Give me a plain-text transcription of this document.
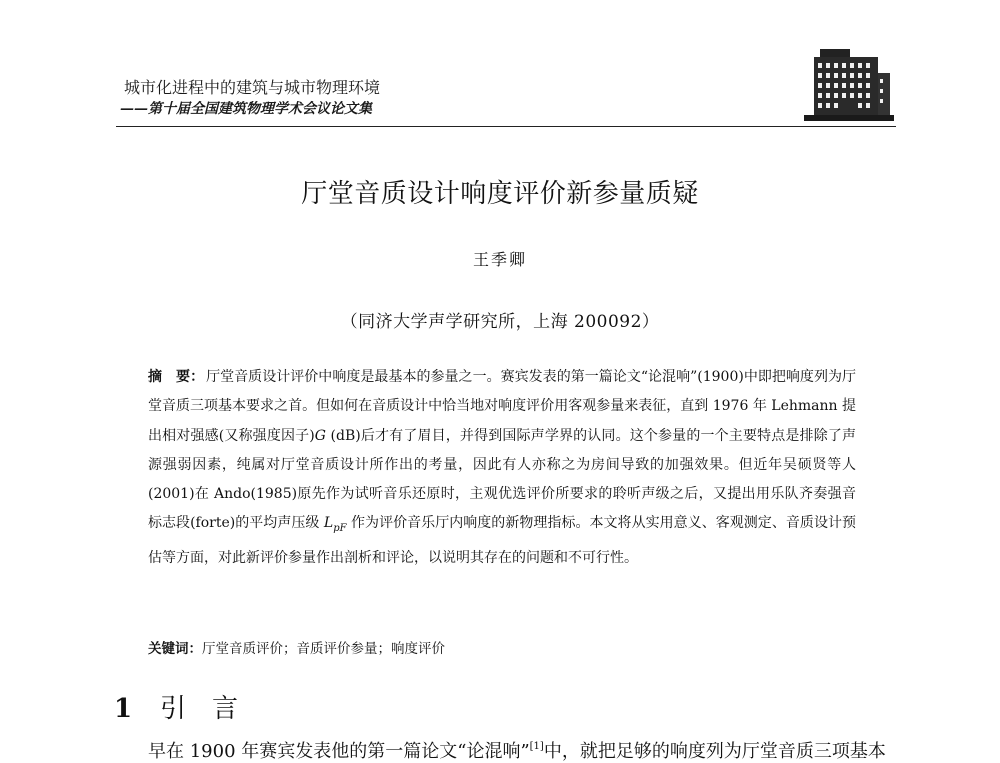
城市化进程中的建筑与城市物理环境
——第十届全国建筑物理学术会议论文集
厅堂音质设计响度评价新参量质疑
王季卿
（同济大学声学研究所，上海 200092）
摘　要： 厅堂音质设计评价中响度是最基本的参量之一。赛宾发表的第一篇论文“论混响”(1900)中即把响度列为厅堂音质三项基本要求之首。但如何在音质设计中恰当地对响度评价用客观参量来表征，直到 1976 年 Lehmann 提出相对强感(又称强度因子)G (dB)后才有了眉目，并得到国际声学界的认同。这个参量的一个主要特点是排除了声源强弱因素，纯属对厅堂音质设计所作出的考量，因此有人亦称之为房间导致的加强效果。但近年吴硕贤等人(2001)在 Ando(1985)原先作为试听音乐还原时，主观优选评价所要求的聆听声级之后，又提出用乐队齐奏强音标志段(forte)的平均声压级 $L_{pF}$ 作为评价音乐厅内响度的新物理指标。本文将从实用意义、客观测定、音质设计预估等方面，对此新评价参量作出剖析和评论，以说明其存在的问题和不可行性。
关键词：厅堂音质评价；音质评价参量；响度评价
1 引　言
早在 1900 年赛宾发表他的第一篇论文“论混响”[1]中，就把足够的响度列为厅堂音质三项基本
